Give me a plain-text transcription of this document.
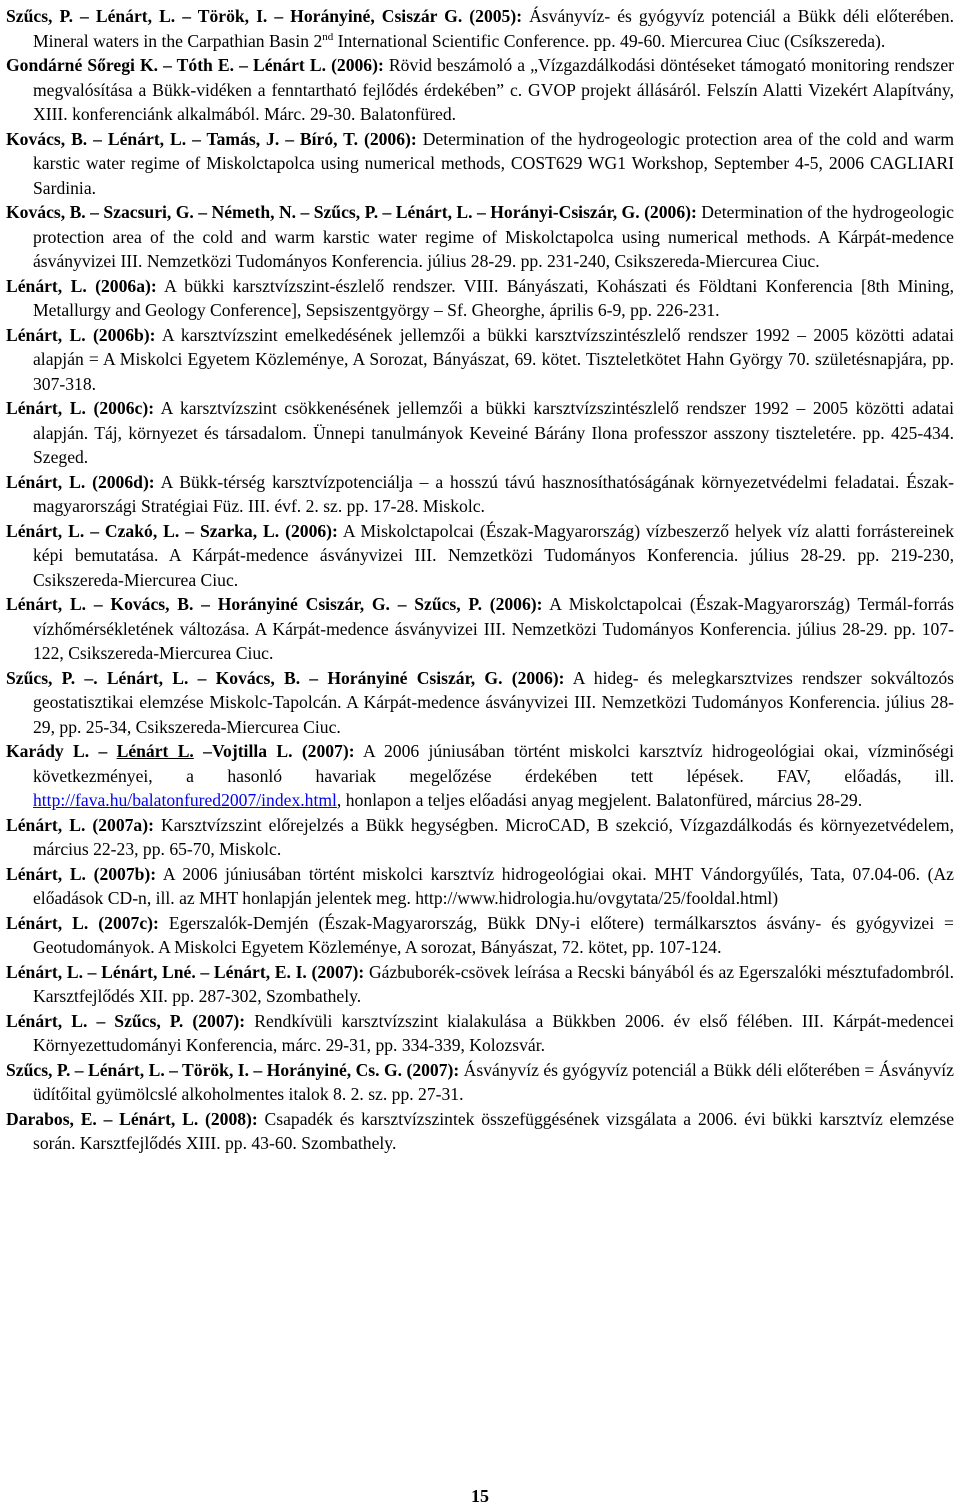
Szűcs, P. – Lénárt, L. – Török, I. – Horányiné, Csiszár G. (2005): Ásványvíz- és gyógyvíz potenciál a Bükk déli előterében. Mineral waters in the Carpathian Basin 2nd International Scientific Conference. pp. 49-60. Miercurea Ciuc (Csíkszereda).

Gondárné Sőregi K. – Tóth E. – Lénárt L. (2006): Rövid beszámoló a „Vízgazdálkodási döntéseket támogató monitoring rendszer megvalósítása a Bükk-vidéken a fenntartható fejlődés érdekében” c. GVOP projekt állásáról. Felszín Alatti Vizekért Alapítvány, XIII. konferenciánk alkalmából. Márc. 29-30. Balatonfüred.

Kovács, B. – Lénárt, L. – Tamás, J. – Bíró, T. (2006): Determination of the hydrogeologic protection area of the cold and warm karstic water regime of Miskolctapolca using numerical methods, COST629 WG1 Workshop, September 4-5, 2006 CAGLIARI Sardinia.

Kovács, B. – Szacsuri, G. – Németh, N. – Szűcs, P. – Lénárt, L. – Horányi-Csiszár, G. (2006): Determination of the hydrogeologic protection area of the cold and warm karstic water regime of Miskolctapolca using numerical methods. A Kárpát-medence ásványvizei III. Nemzetközi Tudományos Konferencia. július 28-29. pp. 231-240, Csikszereda-Miercurea Ciuc.

Lénárt, L. (2006a): A bükki karsztvízszint-észlelő rendszer. VIII. Bányászati, Kohászati és Földtani Konferencia [8th Mining, Metallurgy and Geology Conference], Sepsiszentgyörgy – Sf. Gheorghe, április 6-9, pp. 226-231.

Lénárt, L. (2006b): A karsztvízszint emelkedésének jellemzői a bükki karsztvízszintészlelő rendszer 1992 – 2005 közötti adatai alapján = A Miskolci Egyetem Közleménye, A Sorozat, Bányászat, 69. kötet. Tiszteletkötet Hahn György 70. születésnapjára, pp. 307-318.

Lénárt, L. (2006c): A karsztvízszint csökkenésének jellemzői a bükki karsztvízszintészlelő rendszer 1992 – 2005 közötti adatai alapján. Táj, környezet és társadalom. Ünnepi tanulmányok Keveiné Bárány Ilona professzor asszony tiszteletére. pp. 425-434. Szeged.

Lénárt, L. (2006d): A Bükk-térség karsztvízpotenciálja – a hosszú távú hasznosíthatóságának környezetvédelmi feladatai. Észak-magyarországi Stratégiai Füz. III. évf. 2. sz. pp. 17-28. Miskolc.

Lénárt, L. – Czakó, L. – Szarka, L. (2006): A Miskolctapolcai (Észak-Magyarország) vízbeszerző helyek víz alatti forrástereinek képi bemutatása. A Kárpát-medence ásványvizei III. Nemzetközi Tudományos Konferencia. július 28-29. pp. 219-230, Csikszereda-Miercurea Ciuc.

Lénárt, L. – Kovács, B. – Horányiné Csiszár, G. – Szűcs, P. (2006): A Miskolctapolcai (Észak-Magyarország) Termál-forrás vízhőmérsékletének változása. A Kárpát-medence ásványvizei III. Nemzetközi Tudományos Konferencia. július 28-29. pp. 107-122, Csikszereda-Miercurea Ciuc.

Szűcs, P. –. Lénárt, L. – Kovács, B. – Horányiné Csiszár, G. (2006): A hideg- és melegkarsztvizes rendszer sokváltozós geostatisztikai elemzése Miskolc-Tapolcán. A Kárpát-medence ásványvizei III. Nemzetközi Tudományos Konferencia. július 28-29, pp. 25-34, Csikszereda-Miercurea Ciuc.

Karády L. – Lénárt L. –Vojtilla L. (2007): A 2006 júniusában történt miskolci karsztvíz hidrogeológiai okai, vízminőségi következményei, a hasonló havariak megelőzése érdekében tett lépések. FAV, előadás, ill. http://fava.hu/balatonfured2007/index.html, honlapon a teljes előadási anyag megjelent. Balatonfüred, március 28-29.

Lénárt, L. (2007a): Karsztvízszint előrejelzés a Bükk hegységben. MicroCAD, B szekció, Vízgazdálkodás és környezetvédelem, március 22-23, pp. 65-70, Miskolc.

Lénárt, L. (2007b): A 2006 júniusában történt miskolci karsztvíz hidrogeológiai okai. MHT Vándorgyűlés, Tata, 07.04-06. (Az előadások CD-n, ill. az MHT honlapján jelentek meg. http://www.hidrologia.hu/ovgytata/25/fooldal.html)

Lénárt, L. (2007c): Egerszalók-Demjén (Észak-Magyarország, Bükk DNy-i előtere) termálkarsztos ásvány- és gyógyvizei = Geotudományok. A Miskolci Egyetem Közleménye, A sorozat, Bányászat, 72. kötet, pp. 107-124.

Lénárt, L. – Lénárt, Lné. – Lénárt, E. I. (2007): Gázbuborék-csövek leírása a Recski bányából és az Egerszalóki mésztufadombról. Karsztfejlődés XII. pp. 287-302, Szombathely.

Lénárt, L. – Szűcs, P. (2007): Rendkívüli karsztvízszint kialakulása a Bükkben 2006. év első félében. III. Kárpát-medencei Környezettudományi Konferencia, márc. 29-31, pp. 334-339, Kolozsvár.

Szűcs, P. – Lénárt, L. – Török, I. – Horányiné, Cs. G. (2007): Ásványvíz és gyógyvíz potenciál a Bükk déli előterében = Ásványvíz üdítőital gyümölcslé alkoholmentes italok 8. 2. sz. pp. 27-31.

Darabos, E. – Lénárt, L. (2008): Csapadék és karsztvízszintek összefüggésének vizsgálata a 2006. évi bükki karsztvíz elemzése során. Karsztfejlődés XIII. pp. 43-60. Szombathely.

15
